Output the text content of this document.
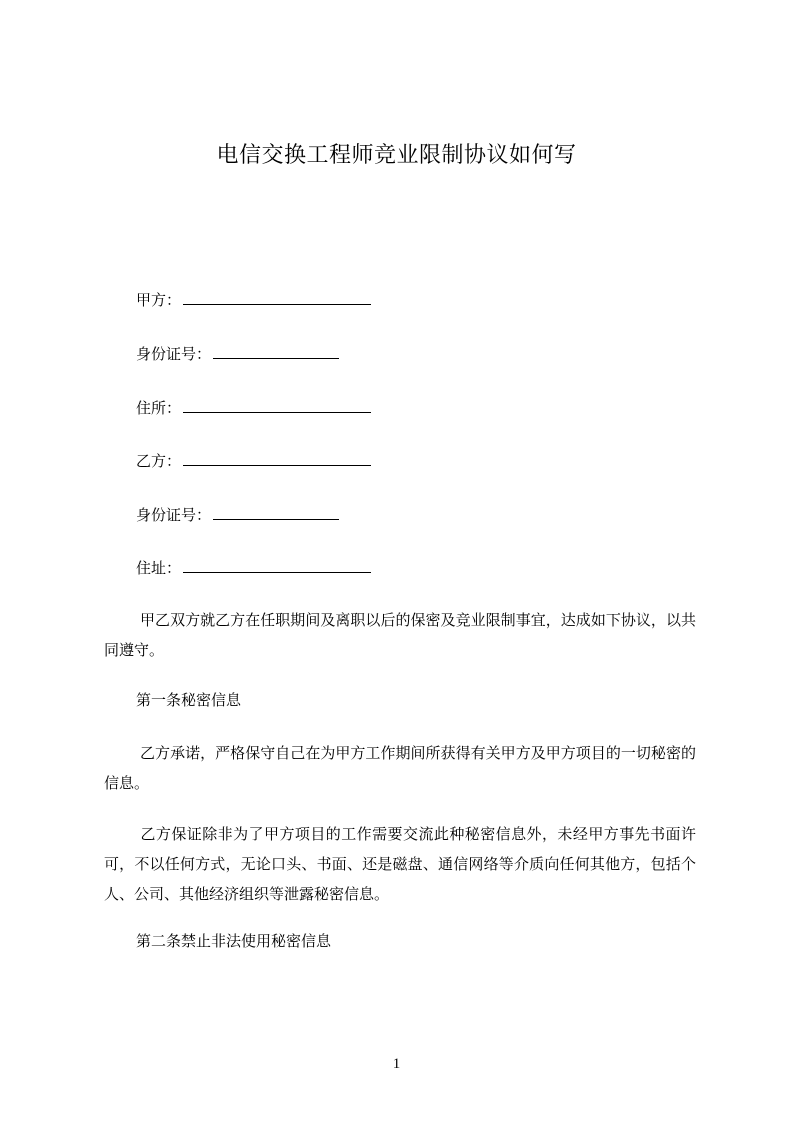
电信交换工程师竞业限制协议如何写
甲方：
身份证号：
住所：
乙方：
身份证号：
住址：
甲乙双方就乙方在任职期间及离职以后的保密及竞业限制事宜，达成如下协议，以共同遵守。
第一条秘密信息
乙方承诺，严格保守自己在为甲方工作期间所获得有关甲方及甲方项目的一切秘密的信息。
乙方保证除非为了甲方项目的工作需要交流此种秘密信息外，未经甲方事先书面许可，不以任何方式，无论口头、书面、还是磁盘、通信网络等介质向任何其他方，包括个人、公司、其他经济组织等泄露秘密信息。
第二条禁止非法使用秘密信息
1
